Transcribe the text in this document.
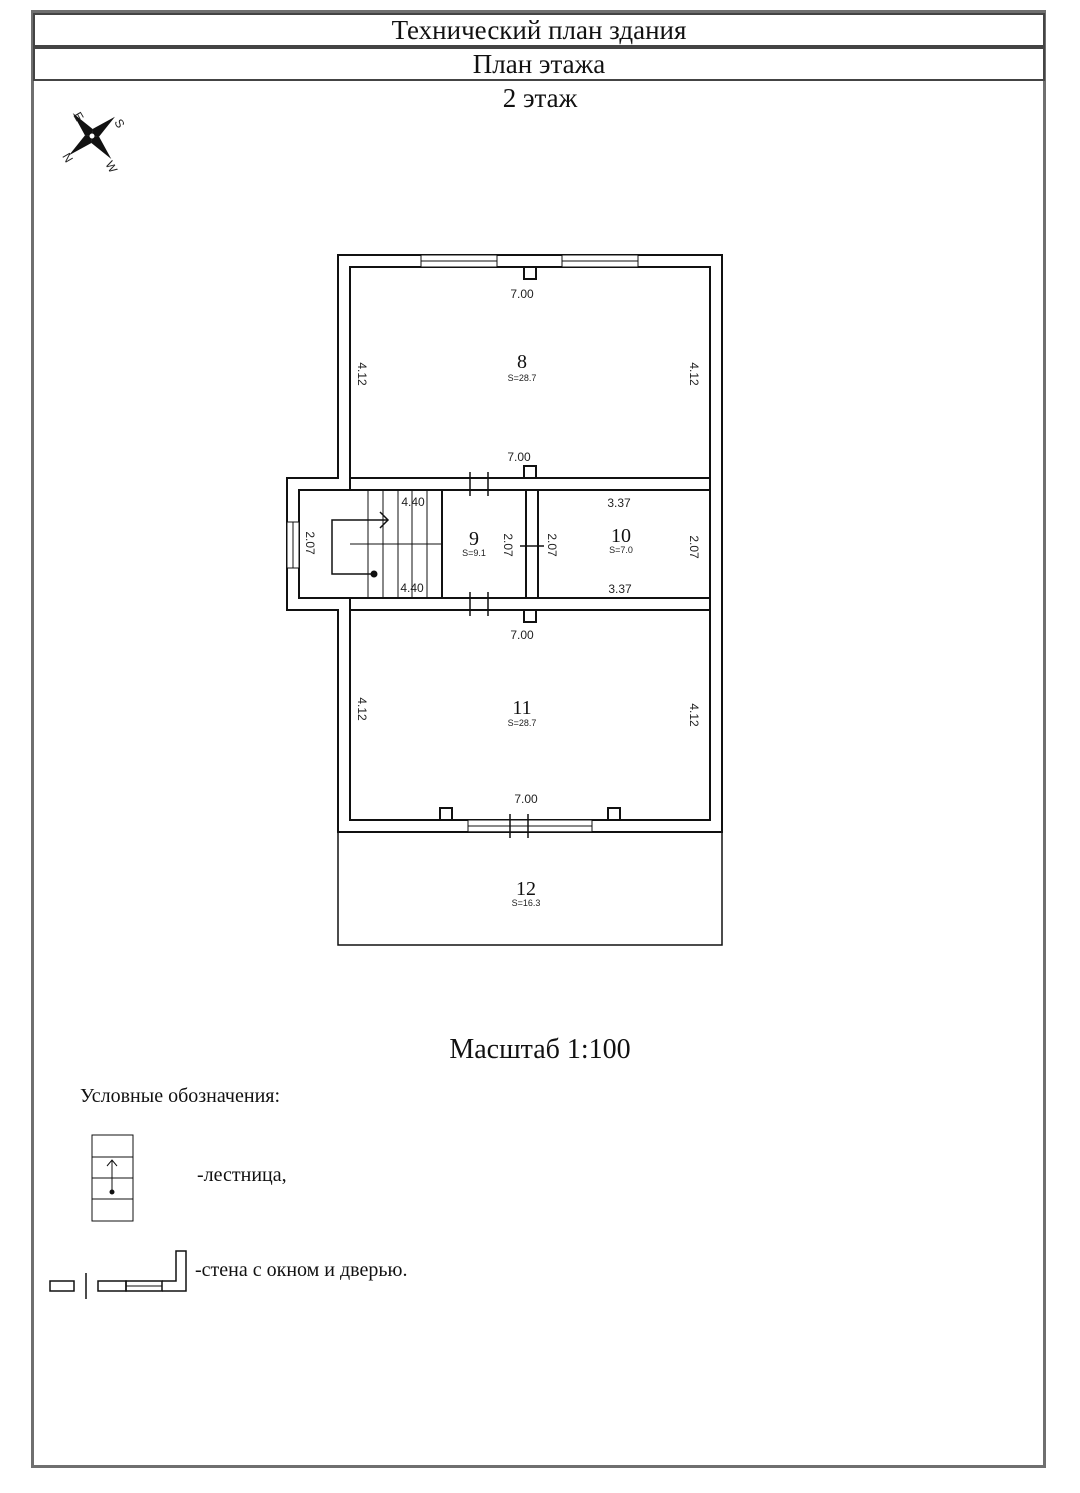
Технический план здания
План этажа
2 этаж
S
E
N
W
8
S=28.7
7.00
4.12	4.12
7.00
4.40
4.40
2.07	9
S=9.1 2.07	10
S=7.0
2.07	2.07
3.37
3.37
11
S=28.7
7.00
4.12	4.12
7.00
12
S=16.3
Масштаб 1:100
Условные обозначения:
-лестница,
-стена с окном и дверью.
